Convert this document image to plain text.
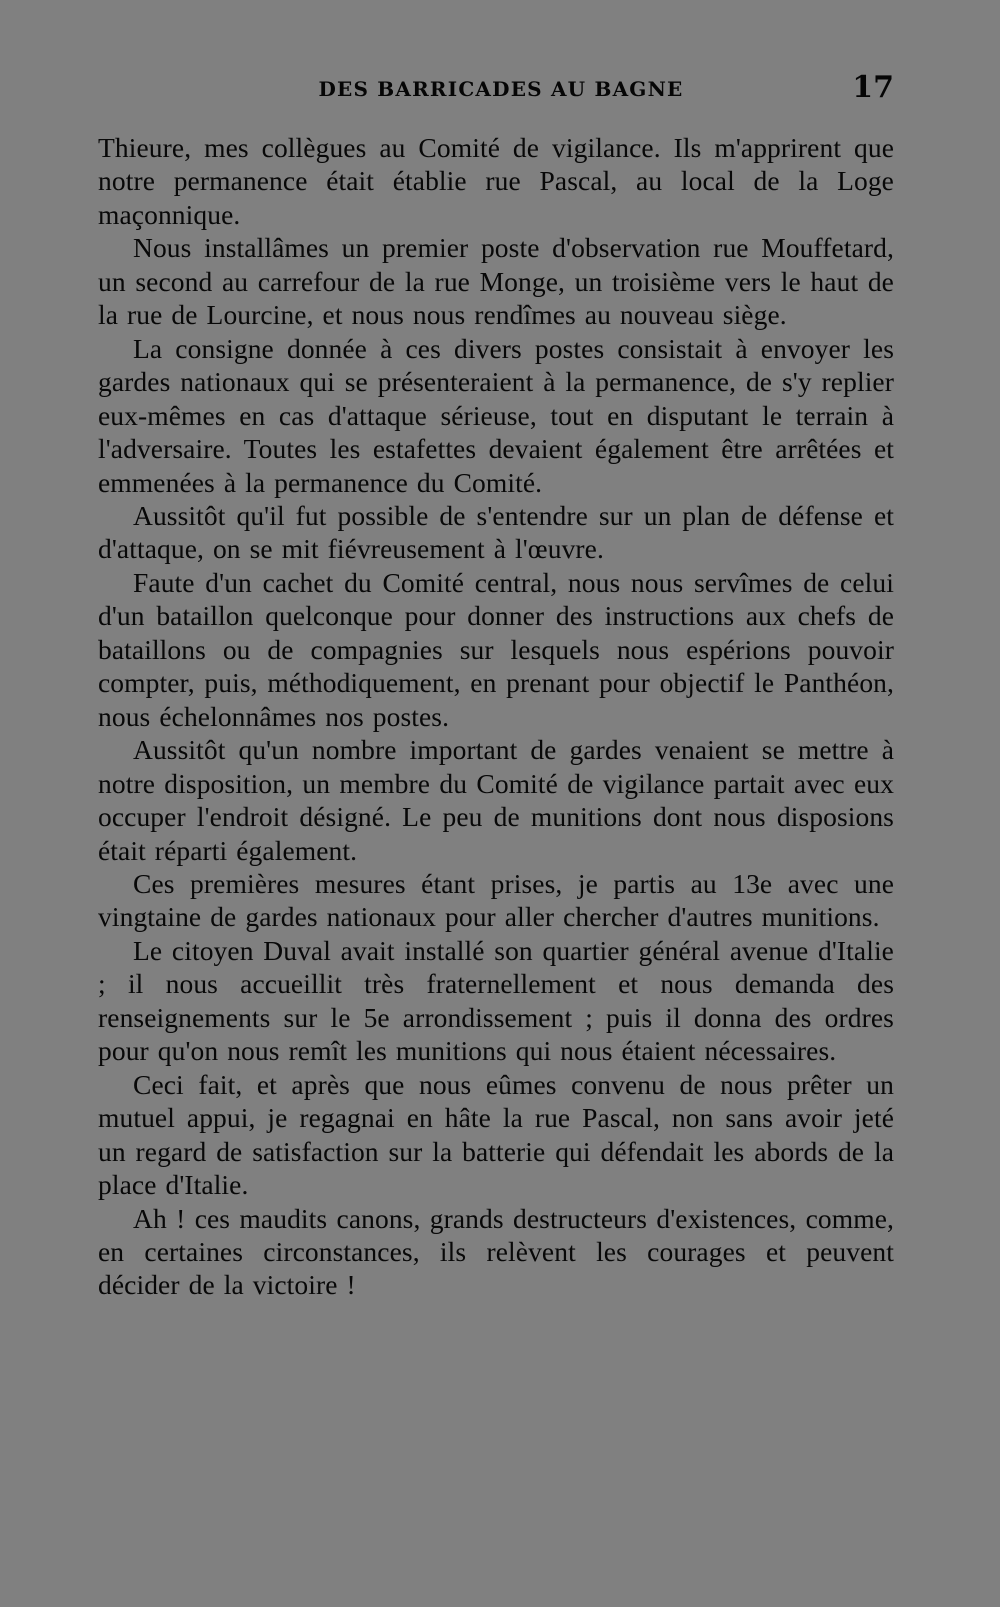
DES BARRICADES AU BAGNE	17

Thieure, mes collègues au Comité de vigilance. Ils m'apprirent que notre permanence était établie rue Pascal, au local de la Loge maçonnique.

Nous installâmes un premier poste d'observation rue Mouffetard, un second au carrefour de la rue Monge, un troisième vers le haut de la rue de Lourcine, et nous nous rendîmes au nouveau siège.

La consigne donnée à ces divers postes consistait à envoyer les gardes nationaux qui se présenteraient à la permanence, de s'y replier eux-mêmes en cas d'attaque sérieuse, tout en disputant le terrain à l'adversaire. Toutes les estafettes devaient également être arrêtées et emmenées à la permanence du Comité.

Aussitôt qu'il fut possible de s'entendre sur un plan de défense et d'attaque, on se mit fiévreusement à l'œuvre.

Faute d'un cachet du Comité central, nous nous servîmes de celui d'un bataillon quelconque pour donner des instructions aux chefs de bataillons ou de compagnies sur lesquels nous espérions pouvoir compter, puis, méthodiquement, en prenant pour objectif le Panthéon, nous échelonnâmes nos postes.

Aussitôt qu'un nombre important de gardes venaient se mettre à notre disposition, un membre du Comité de vigilance partait avec eux occuper l'endroit désigné. Le peu de munitions dont nous disposions était réparti également.

Ces premières mesures étant prises, je partis au 13e avec une vingtaine de gardes nationaux pour aller chercher d'autres munitions.

Le citoyen Duval avait installé son quartier général avenue d'Italie ; il nous accueillit très fraternellement et nous demanda des renseignements sur le 5e arrondissement ; puis il donna des ordres pour qu'on nous remît les munitions qui nous étaient nécessaires.

Ceci fait, et après que nous eûmes convenu de nous prêter un mutuel appui, je regagnai en hâte la rue Pascal, non sans avoir jeté un regard de satisfaction sur la batterie qui défendait les abords de la place d'Italie.

Ah ! ces maudits canons, grands destructeurs d'existences, comme, en certaines circonstances, ils relèvent les courages et peuvent décider de la victoire !
